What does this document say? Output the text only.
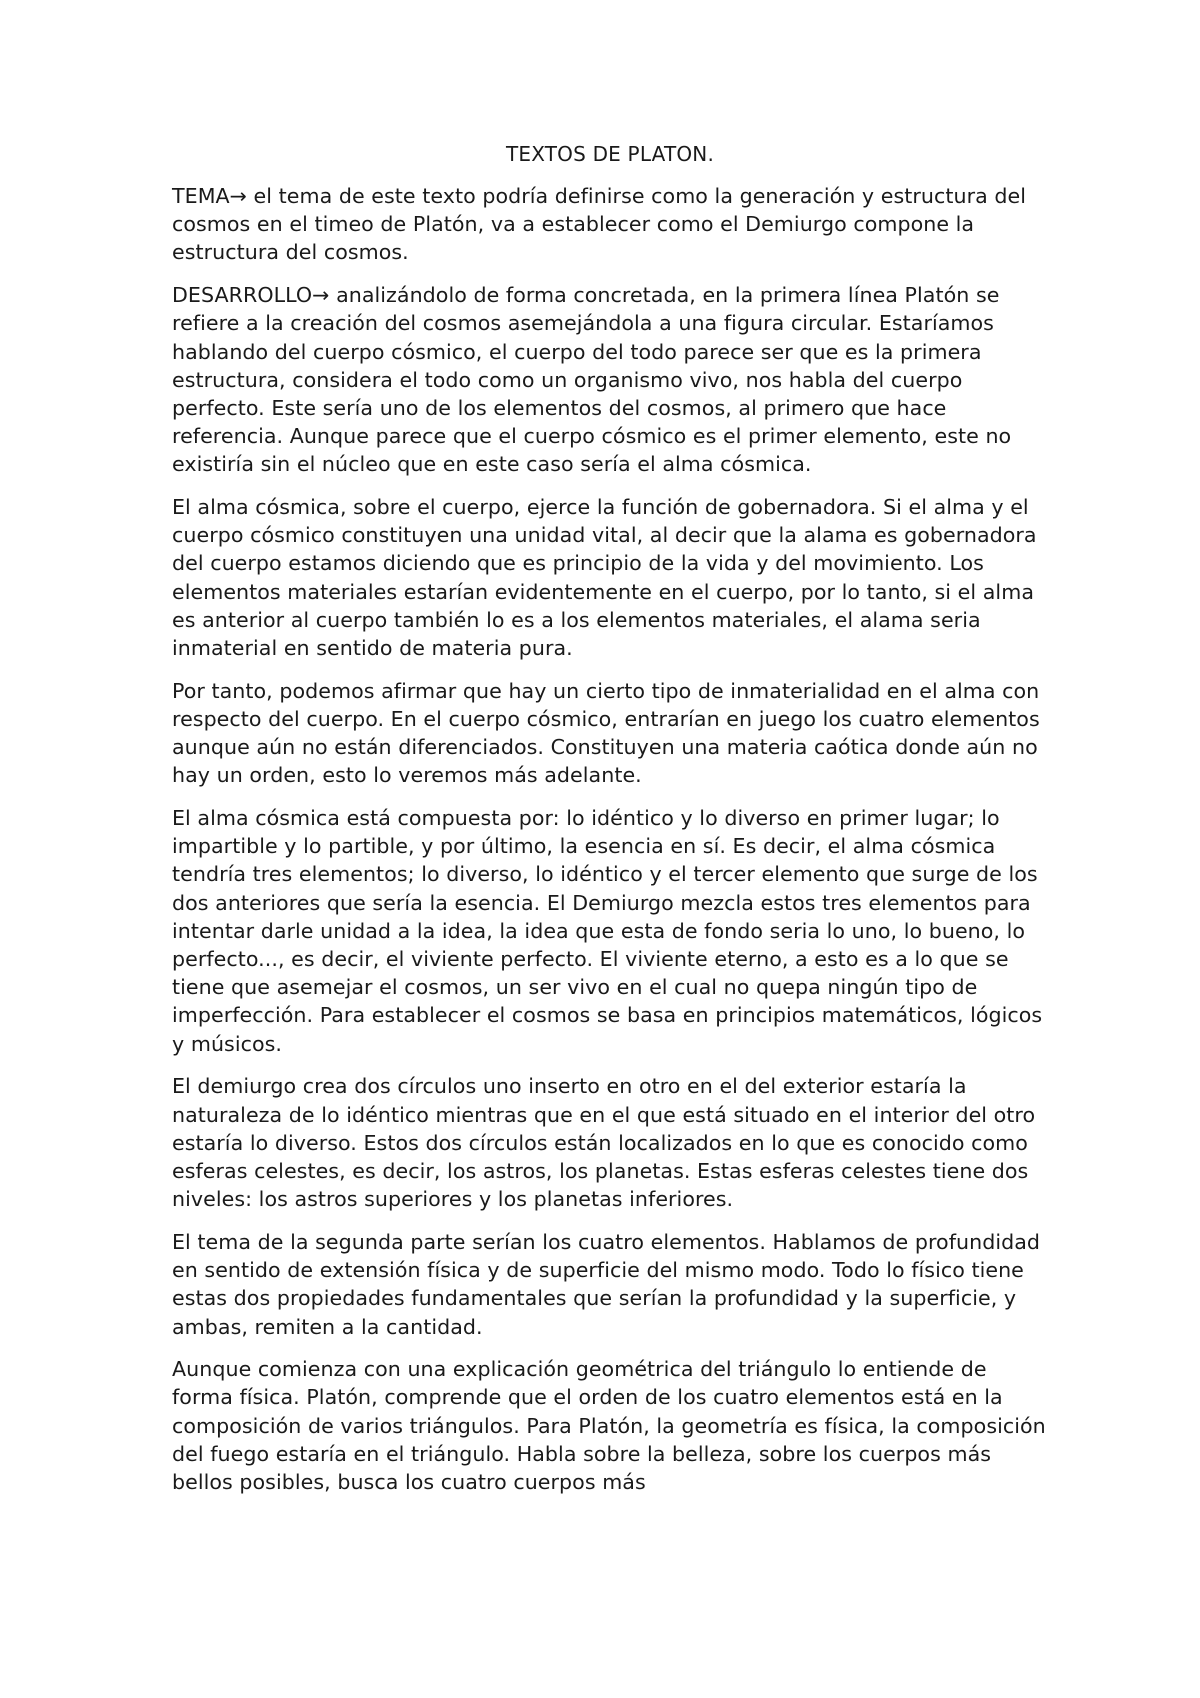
TEXTOS DE PLATON.

TEMA→ el tema de este texto podría definirse como la generación y estructura del cosmos en el timeo de Platón, va a establecer como el Demiurgo compone la estructura del cosmos.

DESARROLLO→ analizándolo de forma concretada, en la primera línea Platón se refiere a la creación del cosmos asemejándola a una figura circular. Estaríamos hablando del cuerpo cósmico, el cuerpo del todo parece ser que es la primera estructura, considera el todo como un organismo vivo, nos habla del cuerpo perfecto. Este sería uno de los elementos del cosmos, al primero que hace referencia. Aunque parece que el cuerpo cósmico es el primer elemento, este no existiría sin el núcleo que en este caso sería el alma cósmica.

El alma cósmica, sobre el cuerpo, ejerce la función de gobernadora. Si el alma y el cuerpo cósmico constituyen una unidad vital, al decir que la alama es gobernadora del cuerpo estamos diciendo que es principio de la vida y del movimiento. Los elementos materiales estarían evidentemente en el cuerpo, por lo tanto, si el alma es anterior al cuerpo también lo es a los elementos materiales, el alama seria inmaterial en sentido de materia pura.

Por tanto, podemos afirmar que hay un cierto tipo de inmaterialidad en el alma con respecto del cuerpo. En el cuerpo cósmico, entrarían en juego los cuatro elementos aunque aún no están diferenciados. Constituyen una materia caótica donde aún no hay un orden, esto lo veremos más adelante.

El alma cósmica está compuesta por: lo idéntico y lo diverso en primer lugar; lo impartible y lo partible, y por último, la esencia en sí. Es decir, el alma cósmica tendría tres elementos; lo diverso, lo idéntico y el tercer elemento que surge de los dos anteriores que sería la esencia. El Demiurgo mezcla estos tres elementos para intentar darle unidad a la idea, la idea que esta de fondo seria lo uno, lo bueno, lo perfecto..., es decir, el viviente perfecto. El viviente eterno, a esto es a lo que se tiene que asemejar el cosmos, un ser vivo en el cual no quepa ningún tipo de imperfección. Para establecer el cosmos se basa en principios matemáticos, lógicos y músicos.

El demiurgo crea dos círculos uno inserto en otro en el del exterior estaría la naturaleza de lo idéntico mientras que en el que está situado en el interior del otro estaría lo diverso. Estos dos círculos están localizados en lo que es conocido como esferas celestes, es decir, los astros, los planetas. Estas esferas celestes tiene dos niveles: los astros superiores y los planetas inferiores.

El tema de la segunda parte serían los cuatro elementos. Hablamos de profundidad en sentido de extensión física y de superficie del mismo modo. Todo lo físico tiene estas dos propiedades fundamentales que serían la profundidad y la superficie, y ambas, remiten a la cantidad.

Aunque comienza con una explicación geométrica del triángulo lo entiende de forma física. Platón, comprende que el orden de los cuatro elementos está en la composición de varios triángulos. Para Platón, la geometría es física, la composición del fuego estaría en el triángulo. Habla sobre la belleza, sobre los cuerpos más bellos posibles, busca los cuatro cuerpos más
